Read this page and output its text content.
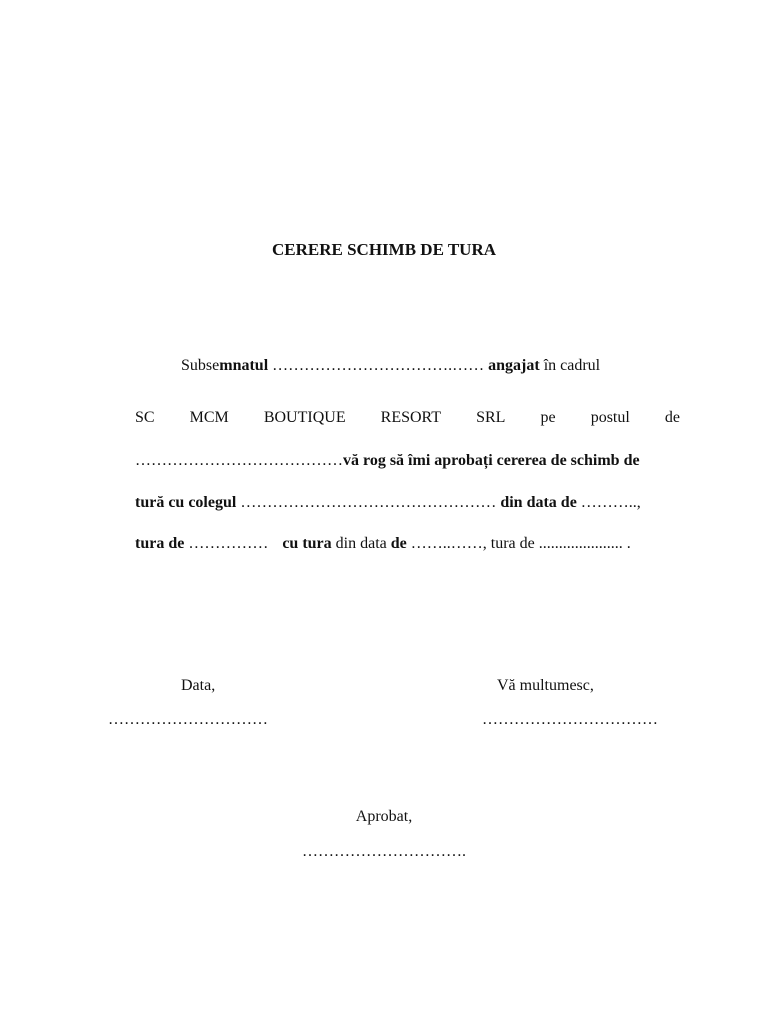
CERERE SCHIMB DE TURA
Subsemnatul …………………………….…… angajat în cadrul
SC MCM BOUTIQUE RESORT SRL pe postul de
…………………………………vă rog să îmi aprobați cererea de schimb de
tură cu colegul ………………………………………… din data de ………..,
tura de …………… cu tura din data de ……..……, tura de ..................... .
Data,
…………………………
Vă multumesc,
……………………………
Aprobat,
………………………….
